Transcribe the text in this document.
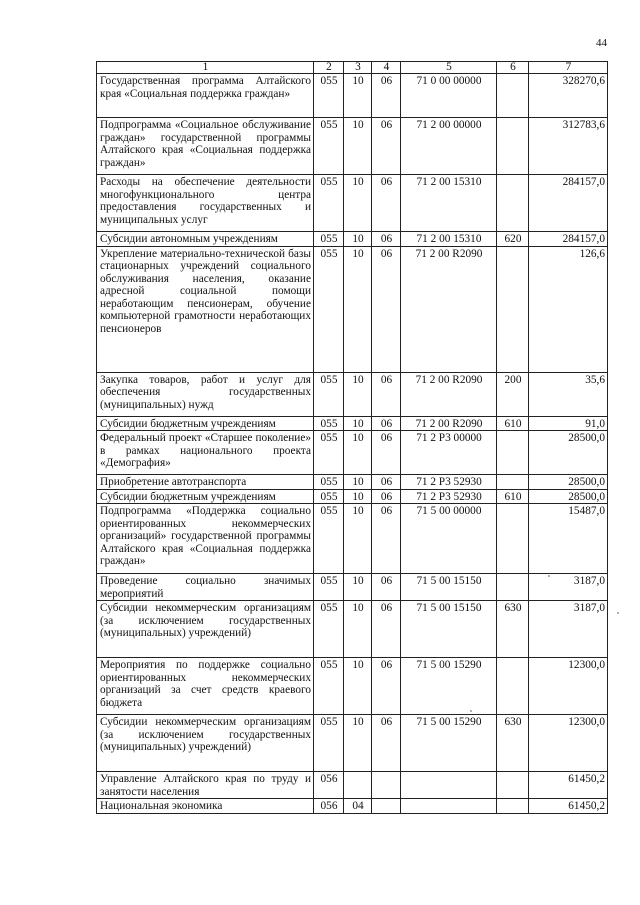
44
1	2	3	4	5	6	7
Государственная программа Алтайского края «Социальная поддержка граждан»	055	10	06	71 0 00 00000		328270,6
Подпрограмма «Социальное обслуживание граждан» государственной программы Алтайского края «Социальная поддержка граждан»	055	10	06	71 2 00 00000		312783,6
Расходы на обеспечение деятельности многофункционального центра предоставления государственных и муниципальных услуг	055	10	06	71 2 00 15310		284157,0
Субсидии автономным учреждениям	055	10	06	71 2 00 15310	620	284157,0
Укрепление материально-технической базы стационарных учреждений социального обслуживания населения, оказание адресной социальной помощи неработающим пенсионерам, обучение компьютерной грамотности неработающих пенсионеров	055	10	06	71 2 00 R2090		126,6
Закупка товаров, работ и услуг для обеспечения государственных (муниципальных) нужд	055	10	06	71 2 00 R2090	200	35,6
Субсидии бюджетным учреждениям	055	10	06	71 2 00 R2090	610	91,0
Федеральный проект «Старшее поколение» в рамках национального проекта «Демография»	055	10	06	71 2 P3 00000		28500,0
Приобретение автотранспорта	055	10	06	71 2 P3 52930		28500,0
Субсидии бюджетным учреждениям	055	10	06	71 2 P3 52930	610	28500,0
Подпрограмма «Поддержка социально ориентированных некоммерческих организаций» государственной программы Алтайского края «Социальная поддержка граждан»	055	10	06	71 5 00 00000		15487,0
Проведение социально значимых мероприятий	055	10	06	71 5 00 15150		3187,0
Субсидии некоммерческим организациям (за исключением государственных (муниципальных) учреждений)	055	10	06	71 5 00 15150	630	3187,0
Мероприятия по поддержке социально ориентированных некоммерческих организаций за счет средств краевого бюджета	055	10	06	71 5 00 15290		12300,0
Субсидии некоммерческим организациям (за исключением государственных (муниципальных) учреждений)	055	10	06	71 5 00 15290	630	12300,0
Управление Алтайского края по труду и занятости населения	056					61450,2
Национальная экономика	056	04				61450,2
